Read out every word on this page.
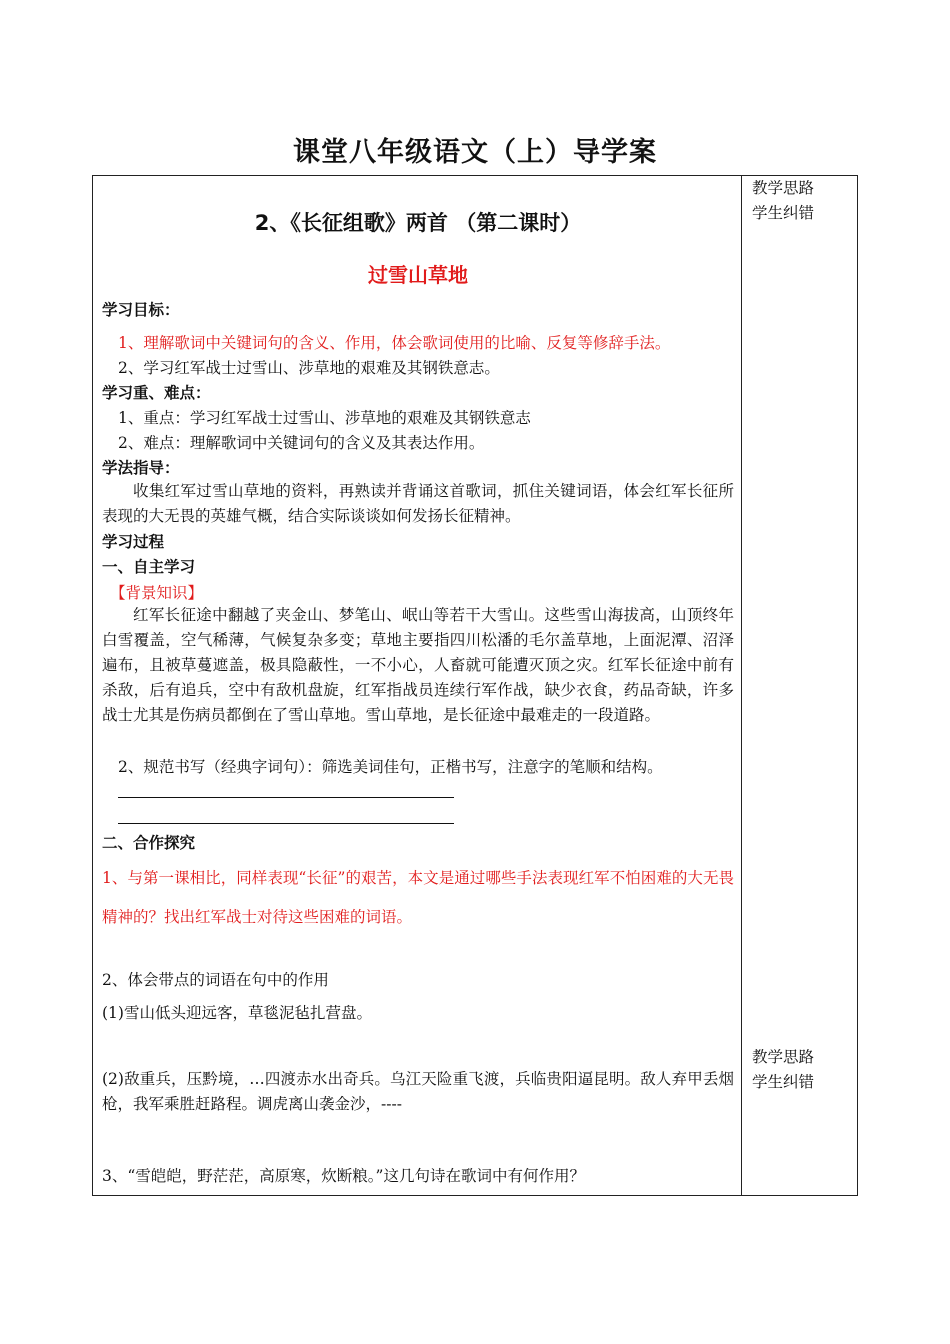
课堂八年级语文（上）导学案
教学思路
学生纠错
教学思路
学生纠错
2、《长征组歌》两首 （第二课时）
过雪山草地
学习目标：
1、理解歌词中关键词句的含义、作用，体会歌词使用的比喻、反复等修辞手法。
2、学习红军战士过雪山、涉草地的艰难及其钢铁意志。
学习重、难点：
1、重点：学习红军战士过雪山、涉草地的艰难及其钢铁意志
2、难点：理解歌词中关键词句的含义及其表达作用。
学法指导：
收集红军过雪山草地的资料，再熟读并背诵这首歌词，抓住关键词语，体会红军长征所表现的大无畏的英雄气概，结合实际谈谈如何发扬长征精神。
学习过程
一、自主学习
【背景知识】
红军长征途中翻越了夹金山、梦笔山、岷山等若干大雪山。这些雪山海拔高，山顶终年白雪覆盖，空气稀薄，气候复杂多变；草地主要指四川松潘的毛尔盖草地，上面泥潭、沼泽遍布，且被草蔓遮盖，极具隐蔽性，一不小心，人畜就可能遭灭顶之灾。红军长征途中前有杀敌，后有追兵，空中有敌机盘旋，红军指战员连续行军作战，缺少衣食，药品奇缺，许多战士尤其是伤病员都倒在了雪山草地。雪山草地，是长征途中最难走的一段道路。
2、规范书写（经典字词句）：筛选美词佳句，正楷书写，注意字的笔顺和结构。
二、合作探究
1、与第一课相比，同样表现“长征”的艰苦，本文是通过哪些手法表现红军不怕困难的大无畏精神的？找出红军战士对待这些困难的词语。
2、体会带点的词语在句中的作用
(1)雪山低头迎远客，草毯泥毡扎营盘。
(2)敌重兵，压黔境，…四渡赤水出奇兵。乌江天险重飞渡，兵临贵阳逼昆明。敌人弃甲丢烟枪，我军乘胜赶路程。调虎离山袭金沙，----
3、“雪皑皑，野茫茫，高原寒，炊断粮。”这几句诗在歌词中有何作用？
